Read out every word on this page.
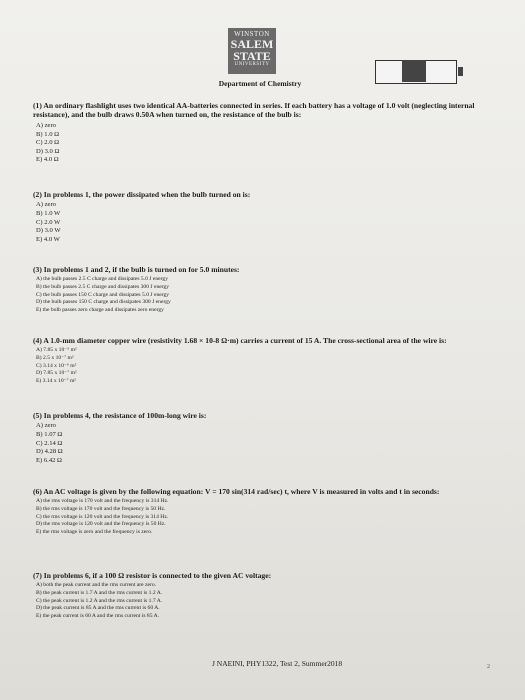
WINSTON
SALEM
STATE
UNIVERSITY
Department of Chemistry
(1) An ordinary flashlight uses two identical AA-batteries connected in series. If each battery has a voltage of 1.0 volt (neglecting internal resistance), and the bulb draws 0.50A when turned on, the resistance of the bulb is:
A) zero
B) 1.0 Ω
C) 2.0 Ω
D) 3.0 Ω
E) 4.0 Ω
(2) In problems 1, the power dissipated when the bulb turned on is:
A) zero
B) 1.0 W
C) 2.0 W
D) 3.0 W
E) 4.0 W
(3) In problems 1 and 2, if the bulb is turned on for 5.0 minutes:
A) the bulb passes 2.5 C charge and dissipates 5.0 J energy
B) the bulb passes 2.5 C charge and dissipates 300 J energy
C) the bulb passes 150 C charge and dissipates 5.0 J energy
D) the bulb passes 150 C charge and dissipates 300 J energy
E) the bulb passes zero charge and dissipates zero energy
(4) A 1.0-mm diameter copper wire (resistivity 1.68 × 10-8 Ω·m) carries a current of 15 A. The cross-sectional area of the wire is:
A) 7.85 x 10⁻⁵ m²
B) 2.5 x 10⁻⁷ m²
C) 3.14 x 10⁻⁶ m²
D) 7.85 x 10⁻⁷ m²
E) 3.14 x 10⁻⁷ m²
(5) In problems 4, the resistance of 100m-long wire is:
A) zero
B) 1.07 Ω
C) 2.14 Ω
D) 4.28 Ω
E) 6.42 Ω
(6) An AC voltage is given by the following equation: V = 170 sin(314 rad/sec) t, where V is measured in volts and t in seconds:
A) the rms voltage is 170 volt and the frequency is 314 Hz.
B) the rms voltage is 170 volt and the frequency is 50 Hz.
C) the rms voltage is 120 volt and the frequency is 314 Hz.
D) the rms voltage is 120 volt and the frequency is 50 Hz.
E) the rms voltage is zero and the frequency is zero.
(7) In problems 6, if a 100 Ω resistor is connected to the given AC voltage:
A) both the peak current and the rms current are zero.
B) the peak current is 1.7 A and the rms current is 1.2 A.
C) the peak current is 1.2 A and the rms current is 1.7 A.
D) the peak current is 85 A and the rms current is 60 A.
E) the peak current is 60 A and the rms current is 85 A.
J NAEINI, PHY1322, Test 2, Summer2018	2
